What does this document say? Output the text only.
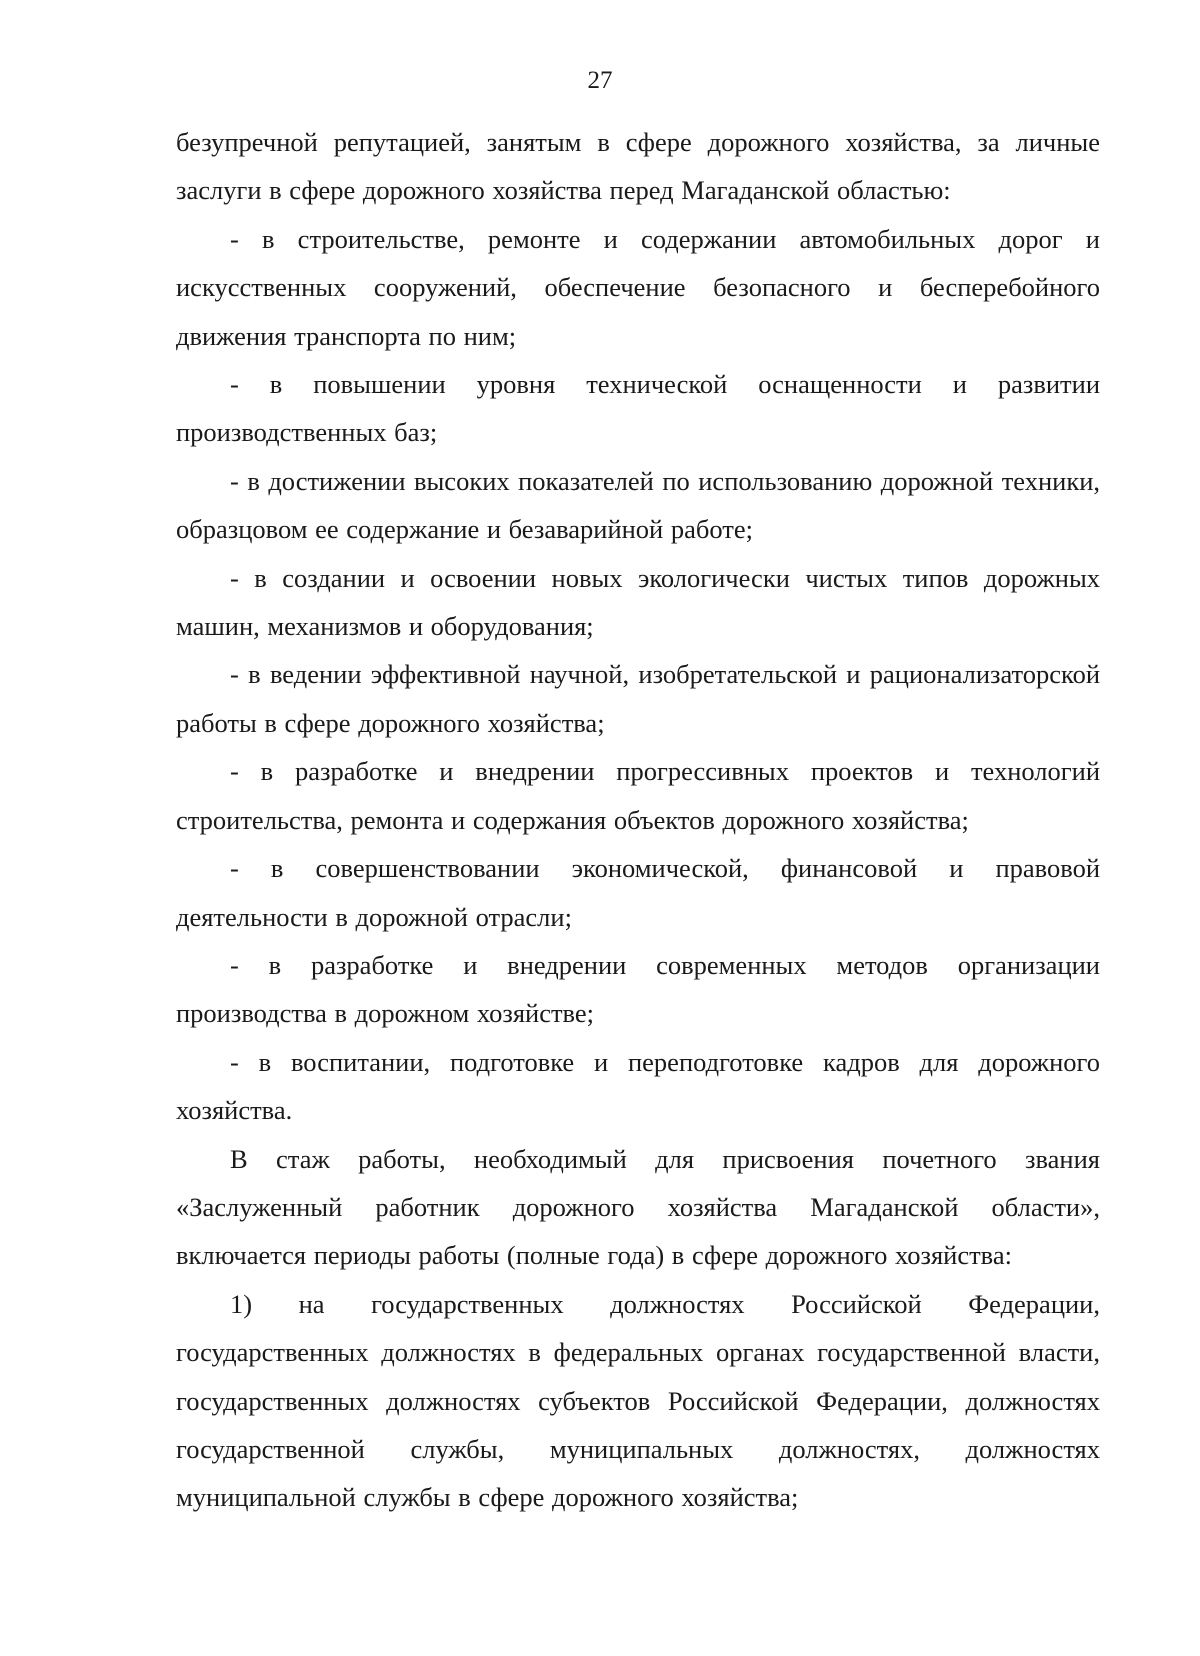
27

безупречной репутацией, занятым в сфере дорожного хозяйства, за личные заслуги в сфере дорожного хозяйства перед Магаданской областью:

- в строительстве, ремонте и содержании автомобильных дорог и искусственных сооружений, обеспечение безопасного и бесперебойного движения транспорта по ним;

- в повышении уровня технической оснащенности и развитии производственных баз;

- в достижении высоких показателей по использованию дорожной техники, образцовом ее содержание и безаварийной работе;

- в создании и освоении новых экологически чистых типов дорожных машин, механизмов и оборудования;

- в ведении эффективной научной, изобретательской и рационализаторской работы в сфере дорожного хозяйства;

- в разработке и внедрении прогрессивных проектов и технологий строительства, ремонта и содержания объектов дорожного хозяйства;

- в совершенствовании экономической, финансовой и правовой деятельности в дорожной отрасли;

- в разработке и внедрении современных методов организации производства в дорожном хозяйстве;

- в воспитании, подготовке и переподготовке кадров для дорожного хозяйства.

В стаж работы, необходимый для присвоения почетного звания «Заслуженный работник дорожного хозяйства Магаданской области», включается периоды работы (полные года) в сфере дорожного хозяйства:

1) на государственных должностях Российской Федерации, государственных должностях в федеральных органах государственной власти, государственных должностях субъектов Российской Федерации, должностях государственной службы, муниципальных должностях, должностях муниципальной службы в сфере дорожного хозяйства;
